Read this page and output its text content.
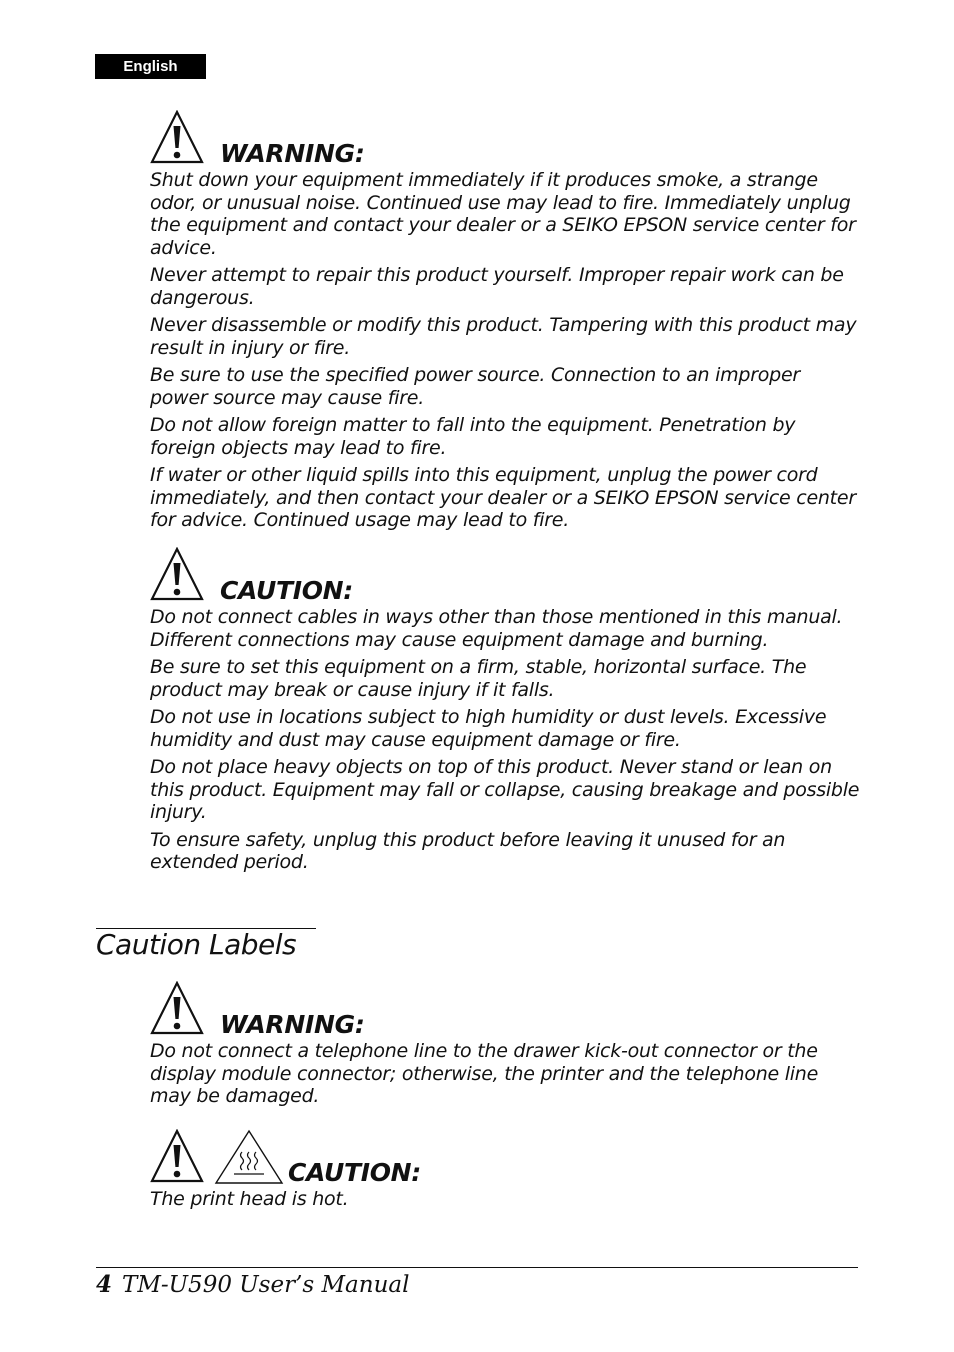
English
WARNING:

Shut down your equipment immediately if it produces smoke, a strange odor, or unusual noise. Continued use may lead to fire. Immediately unplug the equipment and contact your dealer or a SEIKO EPSON service center for advice.

Never attempt to repair this product yourself. Improper repair work can be dangerous.

Never disassemble or modify this product. Tampering with this product may result in injury or fire.

Be sure to use the specified power source. Connection to an improper power source may cause fire.

Do not allow foreign matter to fall into the equipment. Penetration by foreign objects may lead to fire.

If water or other liquid spills into this equipment, unplug the power cord immediately, and then contact your dealer or a SEIKO EPSON service center for advice. Continued usage may lead to fire.

CAUTION:

Do not connect cables in ways other than those mentioned in this manual. Different connections may cause equipment damage and burning.

Be sure to set this equipment on a firm, stable, horizontal surface. The product may break or cause injury if it falls.

Do not use in locations subject to high humidity or dust levels. Excessive humidity and dust may cause equipment damage or fire.

Do not place heavy objects on top of this product. Never stand or lean on this product. Equipment may fall or collapse, causing breakage and possible injury.

To ensure safety, unplug this product before leaving it unused for an extended period.

Caution Labels
WARNING:

Do not connect a telephone line to the drawer kick-out connector or the display module connector; otherwise, the printer and the telephone line may be damaged.

CAUTION:

The print head is hot.

4 TM-U590 User’s Manual
